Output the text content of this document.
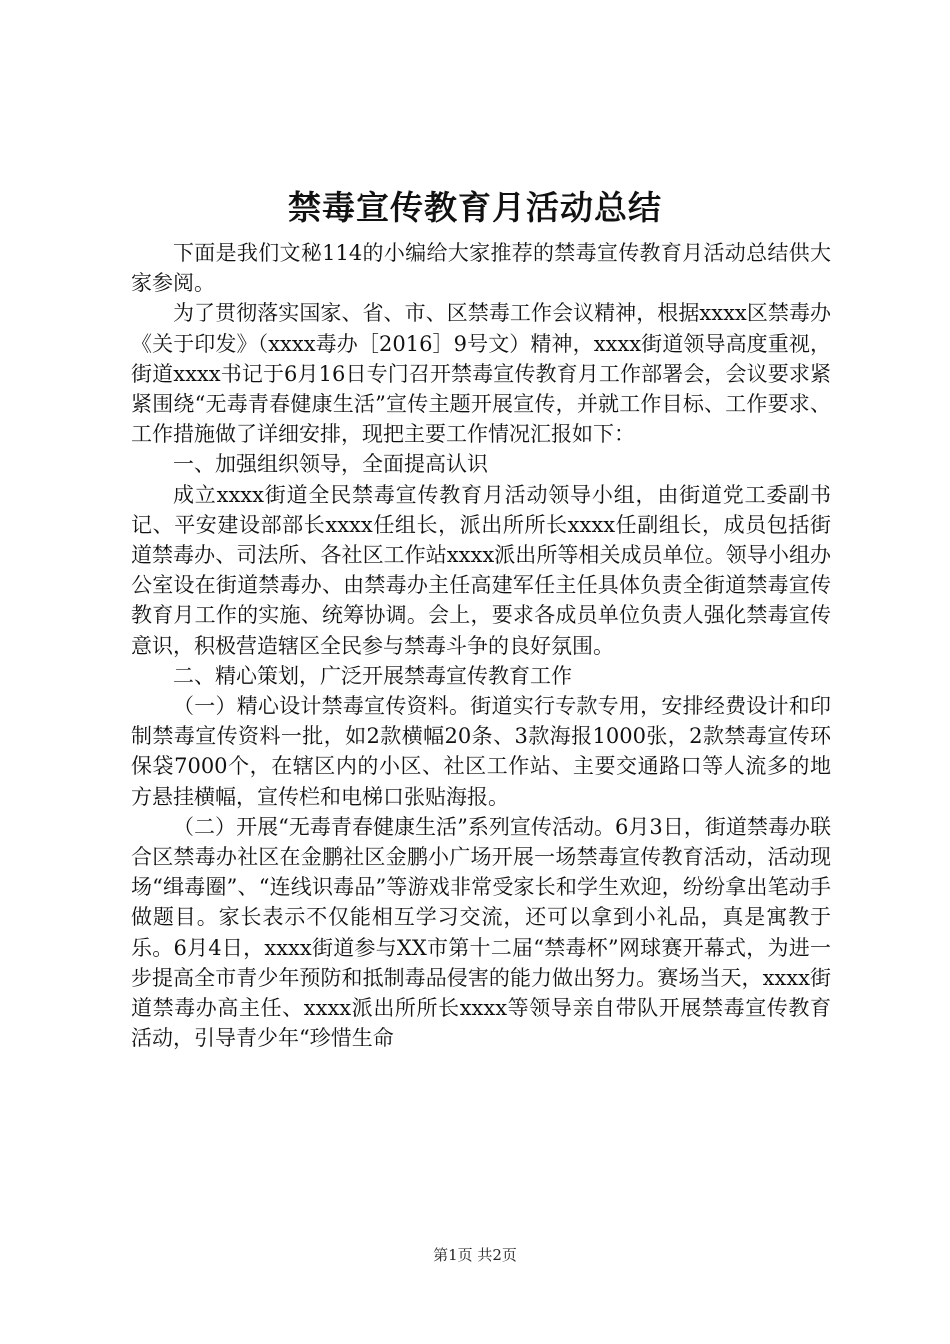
禁毒宣传教育月活动总结

下面是我们文秘114的小编给大家推荐的禁毒宣传教育月活动总结供大家参阅。

为了贯彻落实国家、省、市、区禁毒工作会议精神，根据xxxx区禁毒办《关于印发》（xxxx毒办［2016］9号文）精神，xxxx街道领导高度重视，街道xxxx书记于6月16日专门召开禁毒宣传教育月工作部署会，会议要求紧紧围绕“无毒青春健康生活”宣传主题开展宣传，并就工作目标、工作要求、工作措施做了详细安排，现把主要工作情况汇报如下：

一、加强组织领导，全面提高认识

成立xxxx街道全民禁毒宣传教育月活动领导小组，由街道党工委副书记、平安建设部部长xxxx任组长，派出所所长xxxx任副组长，成员包括街道禁毒办、司法所、各社区工作站xxxx派出所等相关成员单位。领导小组办公室设在街道禁毒办、由禁毒办主任高建军任主任具体负责全街道禁毒宣传教育月工作的实施、统筹协调。会上，要求各成员单位负责人强化禁毒宣传意识，积极营造辖区全民参与禁毒斗争的良好氛围。

二、精心策划，广泛开展禁毒宣传教育工作

（一）精心设计禁毒宣传资料。街道实行专款专用，安排经费设计和印制禁毒宣传资料一批，如2款横幅20条、3款海报1000张，2款禁毒宣传环保袋7000个，在辖区内的小区、社区工作站、主要交通路口等人流多的地方悬挂横幅，宣传栏和电梯口张贴海报。

（二）开展“无毒青春健康生活”系列宣传活动。6月3日，街道禁毒办联合区禁毒办社区在金鹏社区金鹏小广场开展一场禁毒宣传教育活动，活动现场“缉毒圈”、“连线识毒品”等游戏非常受家长和学生欢迎，纷纷拿出笔动手做题目。家长表示不仅能相互学习交流，还可以拿到小礼品，真是寓教于乐。6月4日，xxxx街道参与XX市第十二届“禁毒杯”网球赛开幕式，为进一步提高全市青少年预防和抵制毒品侵害的能力做出努力。赛场当天，xxxx街道禁毒办高主任、xxxx派出所所长xxxx等领导亲自带队开展禁毒宣传教育活动，引导青少年“珍惜生命

第1页 共2页
